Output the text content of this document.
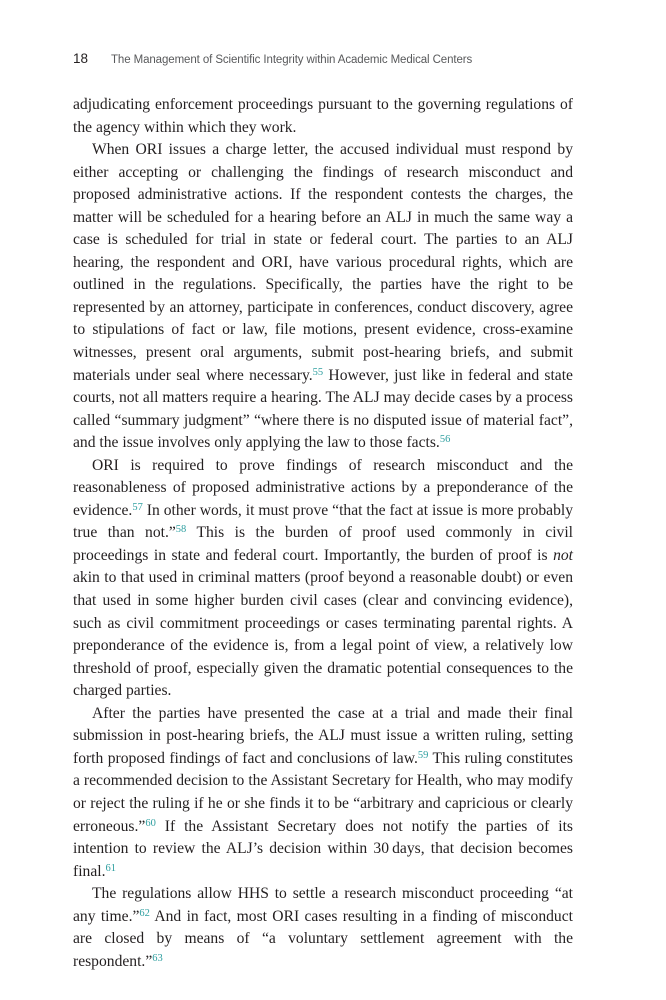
18 The Management of Scientific Integrity within Academic Medical Centers

adjudicating enforcement proceedings pursuant to the governing regulations of the agency within which they work.

When ORI issues a charge letter, the accused individual must respond by either accepting or challenging the findings of research misconduct and proposed administrative actions. If the respondent contests the charges, the matter will be scheduled for a hearing before an ALJ in much the same way a case is scheduled for trial in state or federal court. The parties to an ALJ hearing, the respondent and ORI, have various procedural rights, which are outlined in the regulations. Specifically, the parties have the right to be represented by an attorney, participate in conferences, conduct discovery, agree to stipulations of fact or law, file motions, present evidence, cross-examine witnesses, present oral arguments, submit post-hearing briefs, and submit materials under seal where necessary.$^{55}$ However, just like in federal and state courts, not all matters require a hearing. The ALJ may decide cases by a process called “summary judgment” “where there is no disputed issue of material fact”, and the issue involves only applying the law to those facts.$^{56}$

ORI is required to prove findings of research misconduct and the reasonableness of proposed administrative actions by a preponderance of the evidence.$^{57}$ In other words, it must prove “that the fact at issue is more probably true than not.”$^{58}$ This is the burden of proof used commonly in civil proceedings in state and federal court. Importantly, the burden of proof is not akin to that used in criminal matters (proof beyond a reasonable doubt) or even that used in some higher burden civil cases (clear and convincing evidence), such as civil commitment proceedings or cases terminating parental rights. A preponderance of the evidence is, from a legal point of view, a relatively low threshold of proof, especially given the dramatic potential consequences to the charged parties.

After the parties have presented the case at a trial and made their final submission in post-hearing briefs, the ALJ must issue a written ruling, setting forth proposed findings of fact and conclusions of law.$^{59}$ This ruling constitutes a recommended decision to the Assistant Secretary for Health, who may modify or reject the ruling if he or she finds it to be “arbitrary and capricious or clearly erroneous.”$^{60}$ If the Assistant Secretary does not notify the parties of its intention to review the ALJ’s decision within 30 days, that decision becomes final.$^{61}$

The regulations allow HHS to settle a research misconduct proceeding “at any time.”$^{62}$ And in fact, most ORI cases resulting in a finding of misconduct are closed by means of “a voluntary settlement agreement with the respondent.”$^{63}$
